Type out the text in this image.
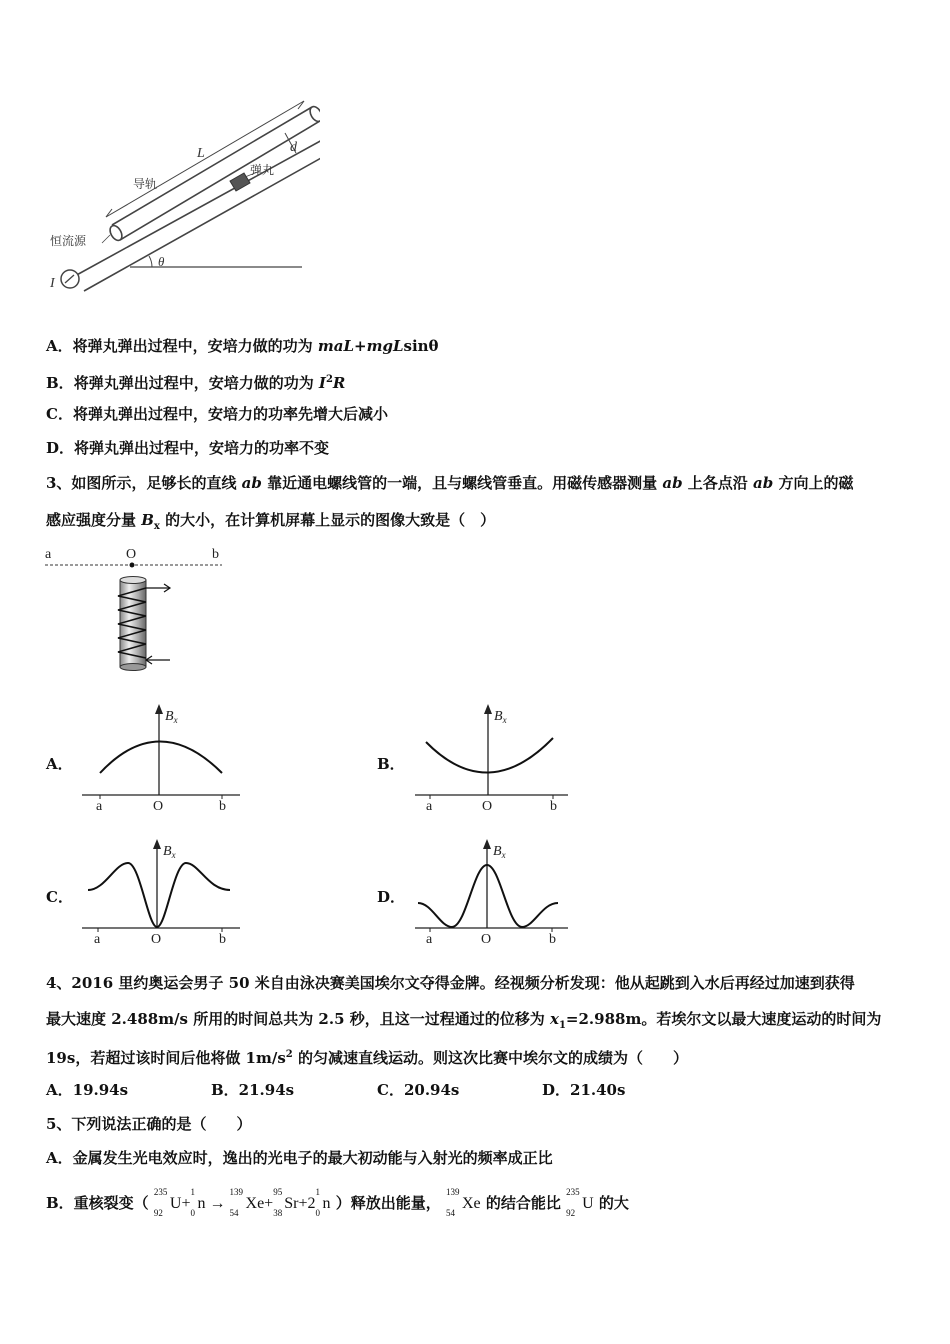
L	d
导轨
弹丸
恒流源
I
θ
A．将弹丸弹出过程中，安培力做的功为 maL+mgLsinθ
B．将弹丸弹出过程中，安培力做的功为 $I^2R$
C．将弹丸弹出过程中，安培力的功率先增大后减小
D．将弹丸弹出过程中，安培力的功率不变
3、如图所示，足够长的直线 ab 靠近通电螺线管的一端，且与螺线管垂直。用磁传感器测量 ab 上各点沿 ab 方向上的磁
感应强度分量 $B_x$ 的大小，在计算机屏幕上显示的图像大致是（　）
a	O	b
A．
a	O	b
$B_x$
B．
a	O	b
$B_x$
C．
a	O	b
$B_x$
D．
a	O	b
$B_x$
4、2016 里约奥运会男子 50 米自由泳决赛美国埃尔文夺得金牌。经视频分析发现：他从起跳到入水后再经过加速到获得
最大速度 2.488m/s 所用的时间总共为 2.5 秒，且这一过程通过的位移为 $x_1=2.988m$。若埃尔文以最大速度运动的时间为
19s，若超过该时间后他将做 $1m/s^2$ 的匀减速直线运动。则这次比赛中埃尔文的成绩为（　　）
A．19.94s	B．21.94s	C．20.94s	D．21.40s
5、下列说法正确的是（　　）
A．金属发生光电效应时，逸出的光电子的最大初动能与入射光的频率成正比
B．重核裂变（
235
92
U+
1
0
n →
139
54
Xe+
95
38
Sr+2
1
0
n ）释放出能量，
139
54
Xe 的结合能比
235
92
U 的大
